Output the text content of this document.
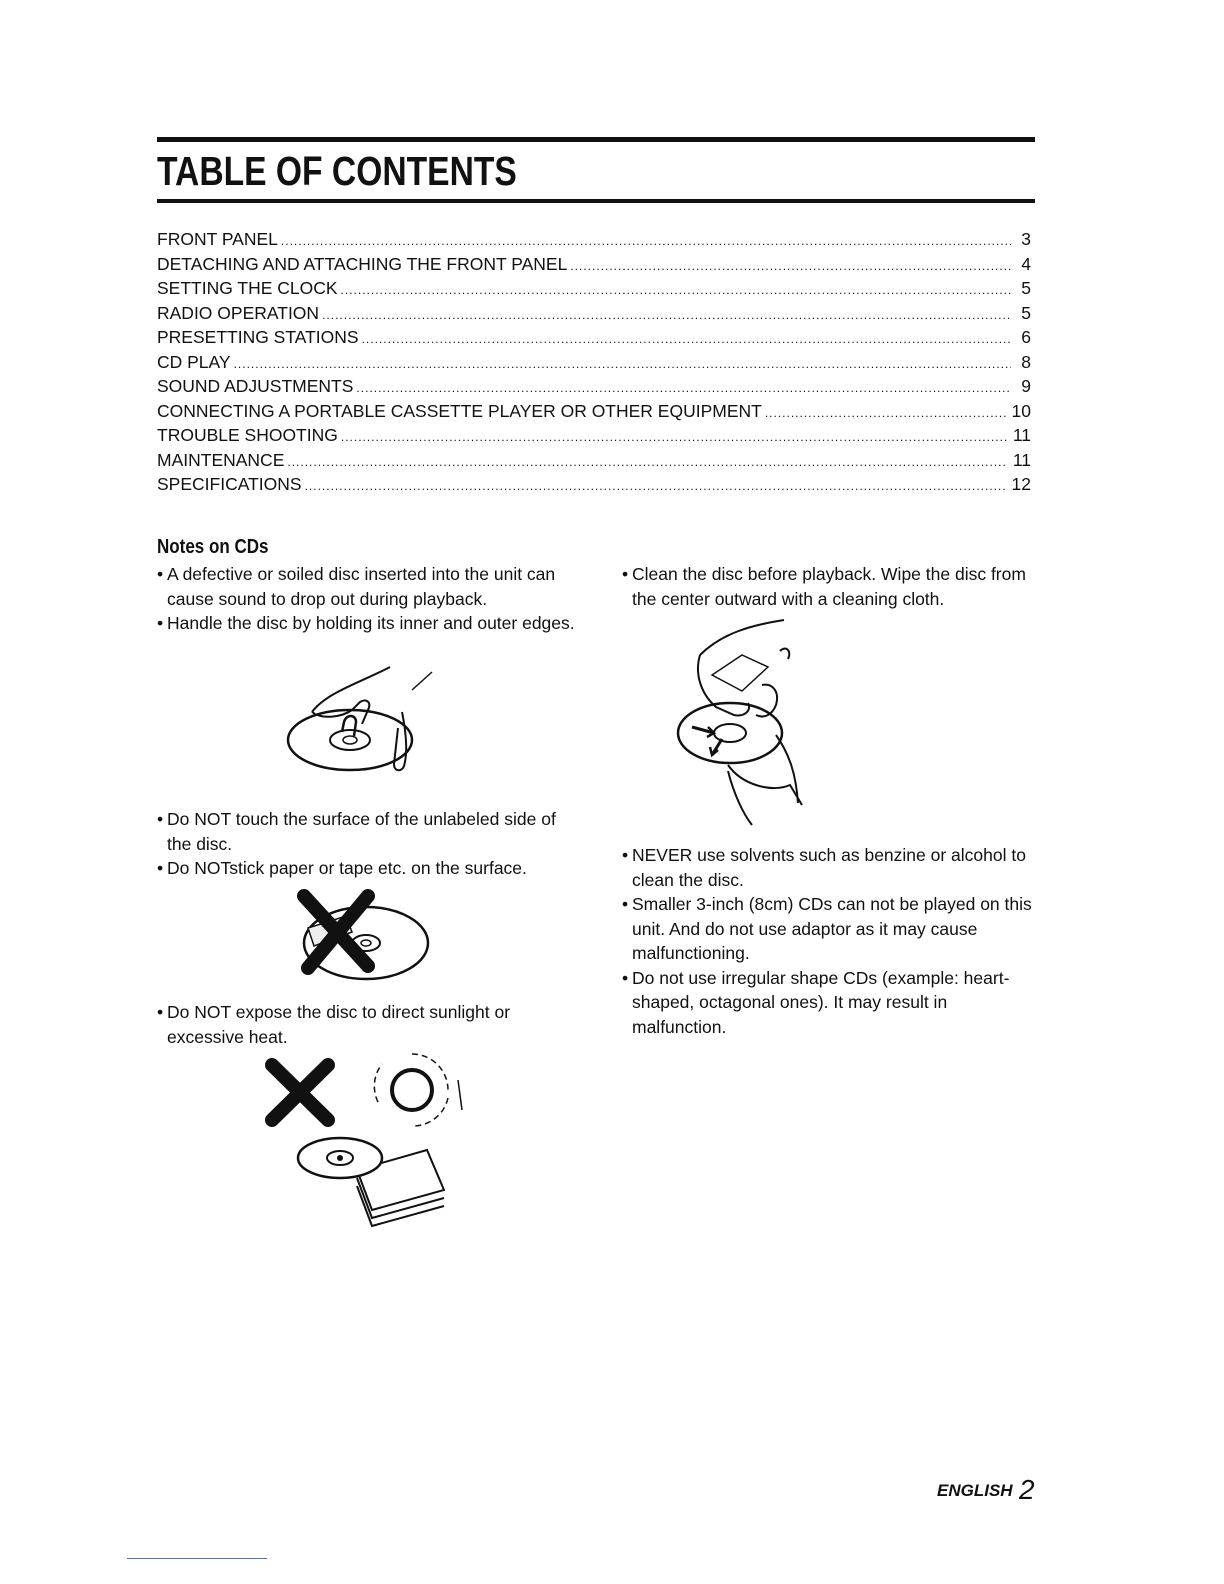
TABLE OF CONTENTS
FRONT PANEL .....	3
DETACHING AND ATTACHING THE FRONT PANEL .....	4
SETTING THE CLOCK .....	5
RADIO OPERATION .....	5
PRESETTING STATIONS .....	6
CD PLAY .....	8
SOUND ADJUSTMENTS .....	9
CONNECTING A PORTABLE CASSETTE PLAYER OR OTHER EQUIPMENT .....	10
TROUBLE SHOOTING .....	11
MAINTENANCE .....	11
SPECIFICATIONS .....	12
Notes on CDs

• A defective or soiled disc inserted into the unit can cause sound to drop out during playback.

• Handle the disc by holding its inner and outer edges.

• Do NOT touch the surface of the unlabeled side of the disc.

• Do NOTstick paper or tape etc. on the surface.

• Do NOT expose the disc to direct sunlight or excessive heat.

• Clean the disc before playback. Wipe the disc from the center outward with a cleaning cloth.

• NEVER use solvents such as benzine or alcohol to clean the disc.

• Smaller 3-inch (8cm) CDs can not be played on this unit. And do not use adaptor as it may cause malfunctioning.

• Do not use irregular shape CDs (example: heart-shaped, octagonal ones). It may result in malfunction.

ENGLISH 2
